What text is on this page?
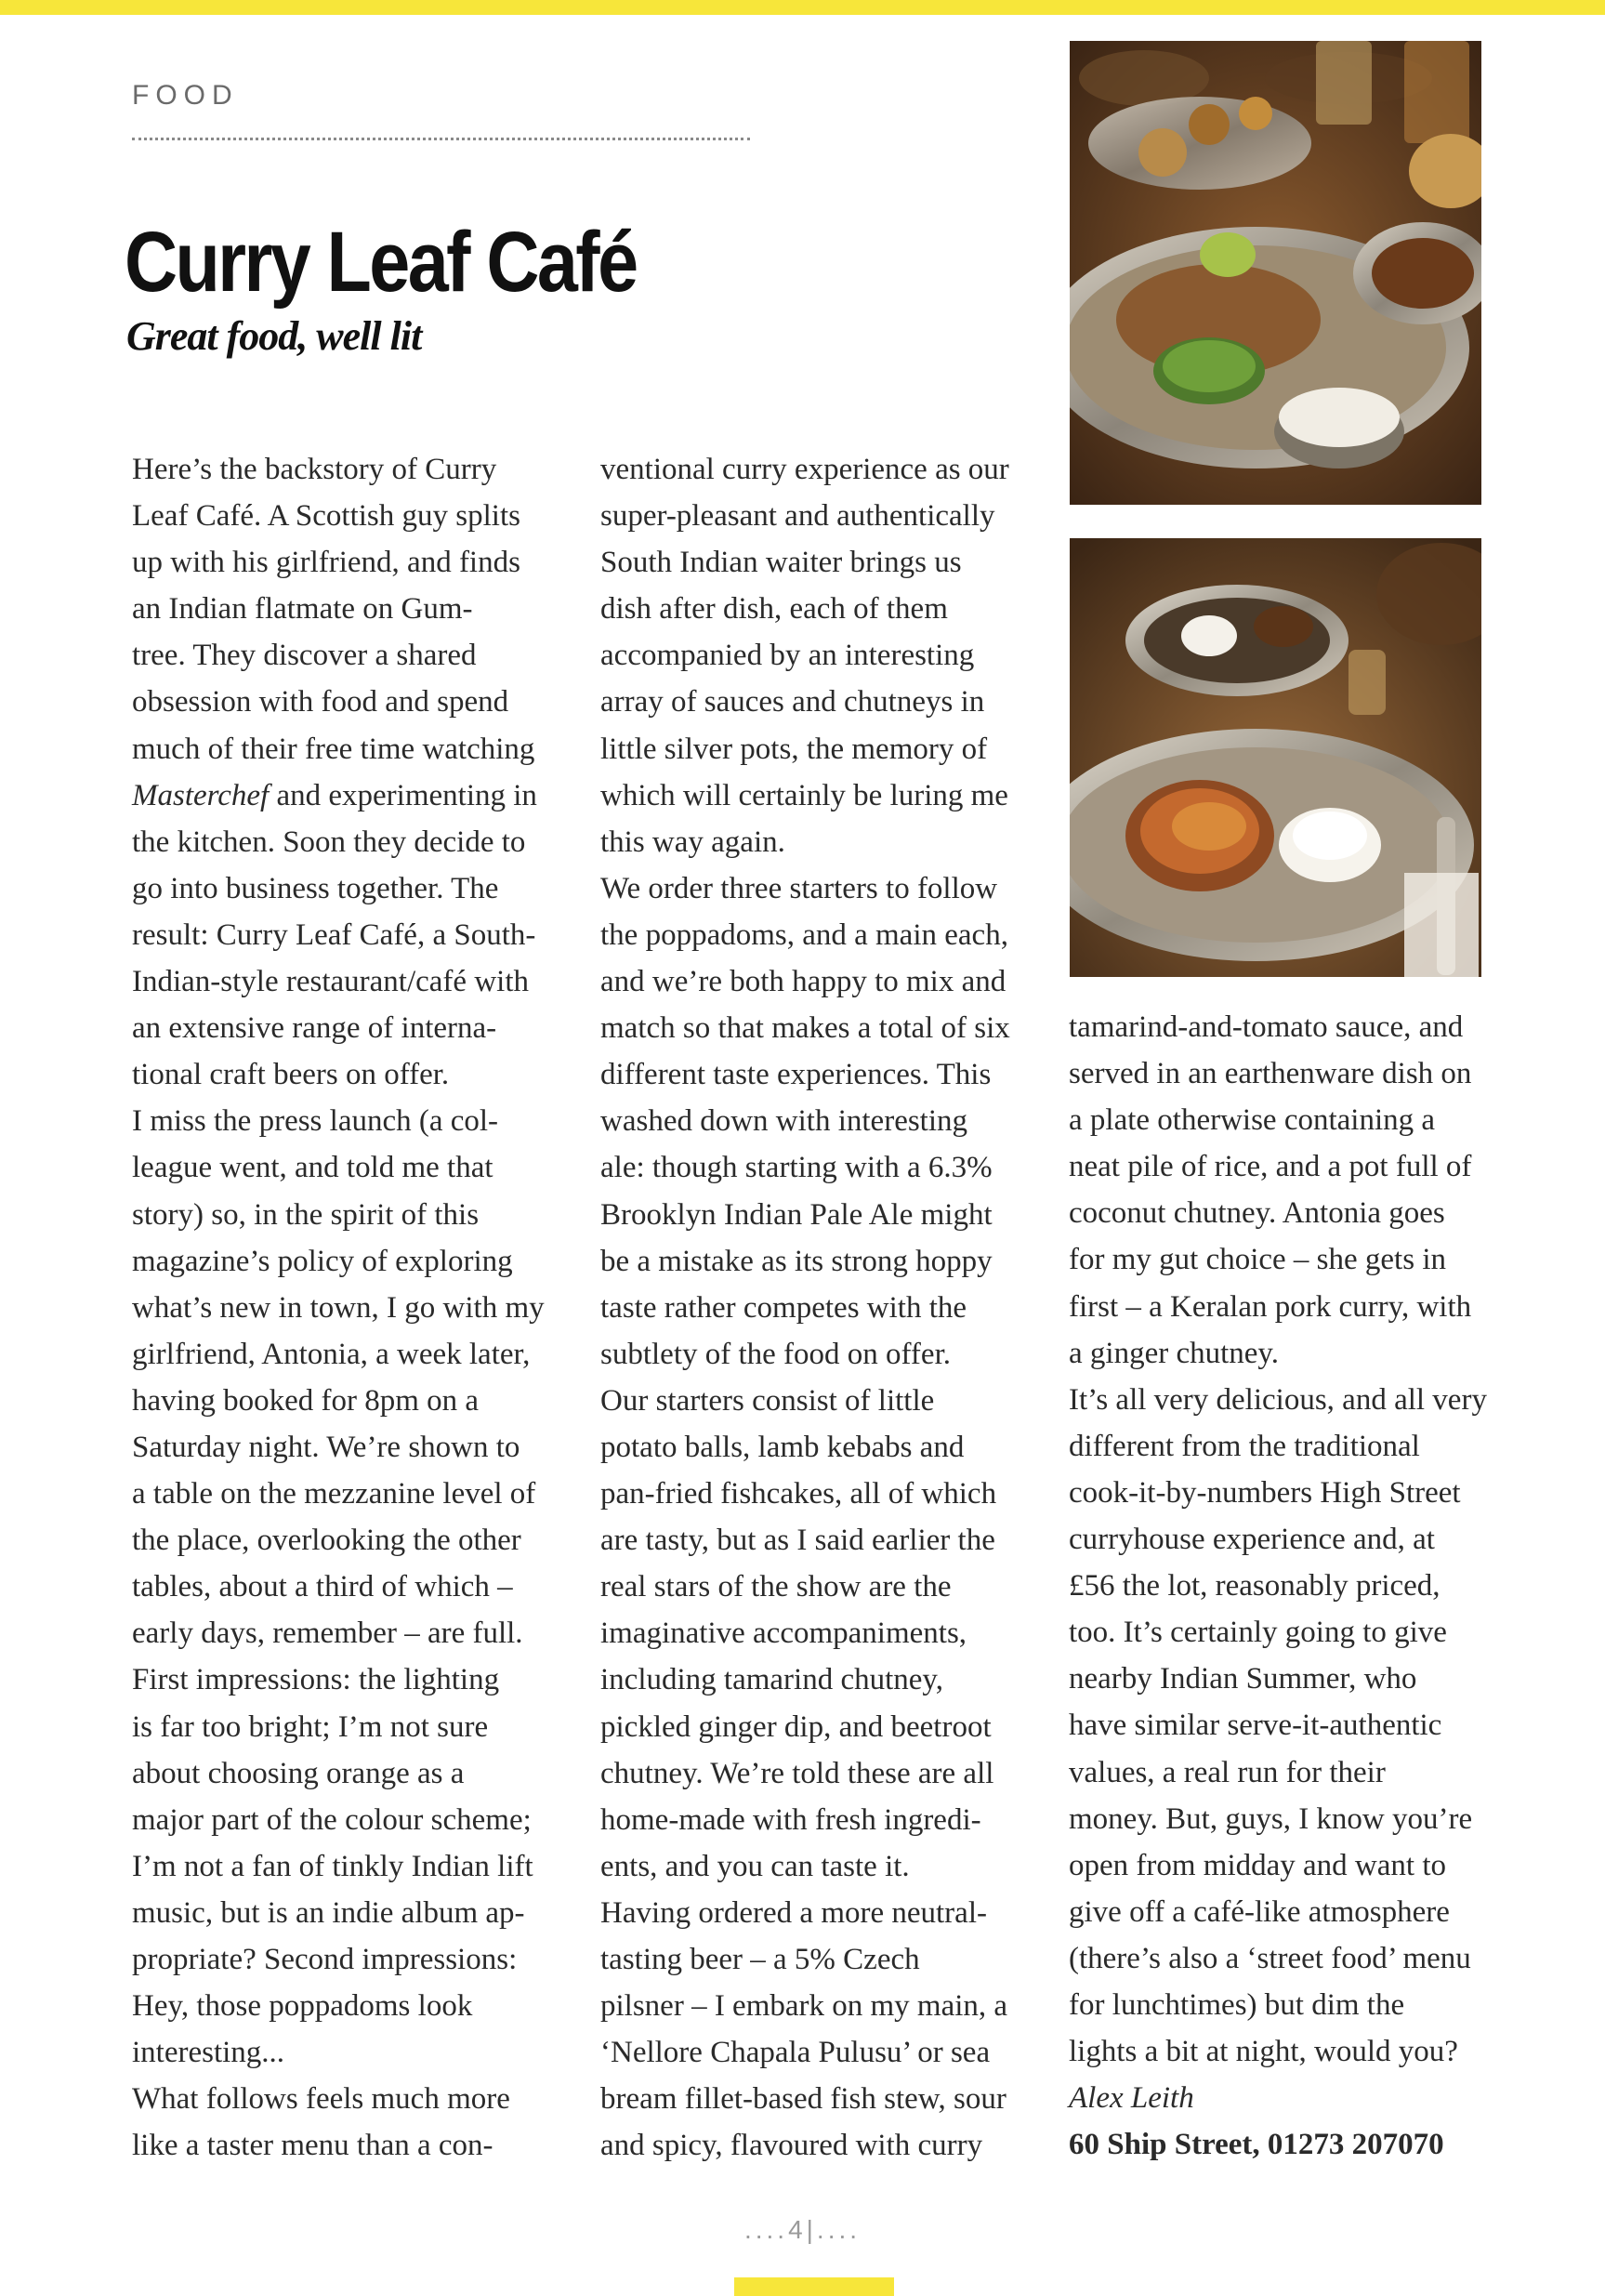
FOOD
Curry Leaf Café
Great food, well lit

Here’s the backstory of Curry

Leaf Café. A Scottish guy splits

up with his girlfriend, and finds

an Indian flatmate on Gum-

tree. They discover a shared

obsession with food and spend

much of their free time watching

Masterchef and experimenting in

the kitchen. Soon they decide to

go into business together. The

result: Curry Leaf Café, a South-

Indian-style restaurant/café with

an extensive range of interna-

tional craft beers on offer.

I miss the press launch (a col-

league went, and told me that

story) so, in the spirit of this

magazine’s policy of exploring

what’s new in town, I go with my

girlfriend, Antonia, a week later,

having booked for 8pm on a

Saturday night. We’re shown to

a table on the mezzanine level of

the place, overlooking the other

tables, about a third of which –

early days, remember – are full.

First impressions: the lighting

is far too bright; I’m not sure

about choosing orange as a

major part of the colour scheme;

I’m not a fan of tinkly Indian lift

music, but is an indie album ap-

propriate? Second impressions:

Hey, those poppadoms look

interesting...

What follows feels much more

like a taster menu than a con-

ventional curry experience as our

super-pleasant and authentically

South Indian waiter brings us

dish after dish, each of them

accompanied by an interesting

array of sauces and chutneys in

little silver pots, the memory of

which will certainly be luring me

this way again.

We order three starters to follow

the poppadoms, and a main each,

and we’re both happy to mix and

match so that makes a total of six

different taste experiences. This

washed down with interesting

ale: though starting with a 6.3%

Brooklyn Indian Pale Ale might

be a mistake as its strong hoppy

taste rather competes with the

subtlety of the food on offer.

Our starters consist of little

potato balls, lamb kebabs and

pan-fried fishcakes, all of which

are tasty, but as I said earlier the

real stars of the show are the

imaginative accompaniments,

including tamarind chutney,

pickled ginger dip, and beetroot

chutney. We’re told these are all

home-made with fresh ingredi-

ents, and you can taste it.

Having ordered a more neutral-

tasting beer – a 5% Czech

pilsner – I embark on my main, a

‘Nellore Chapala Pulusu’ or sea

bream fillet-based fish stew, sour

and spicy, flavoured with curry

tamarind-and-tomato sauce, and

served in an earthenware dish on

a plate otherwise containing a

neat pile of rice, and a pot full of

coconut chutney. Antonia goes

for my gut choice – she gets in

first – a Keralan pork curry, with

a ginger chutney.

It’s all very delicious, and all very

different from the traditional

cook-it-by-numbers High Street

curryhouse experience and, at

£56 the lot, reasonably priced,

too. It’s certainly going to give

nearby Indian Summer, who

have similar serve-it-authentic

values, a real run for their

money. But, guys, I know you’re

open from midday and want to

give off a café-like atmosphere

(there’s also a ‘street food’ menu

for lunchtimes) but dim the

lights a bit at night, would you?

Alex Leith

60 Ship Street, 01273 207070

....4|....
